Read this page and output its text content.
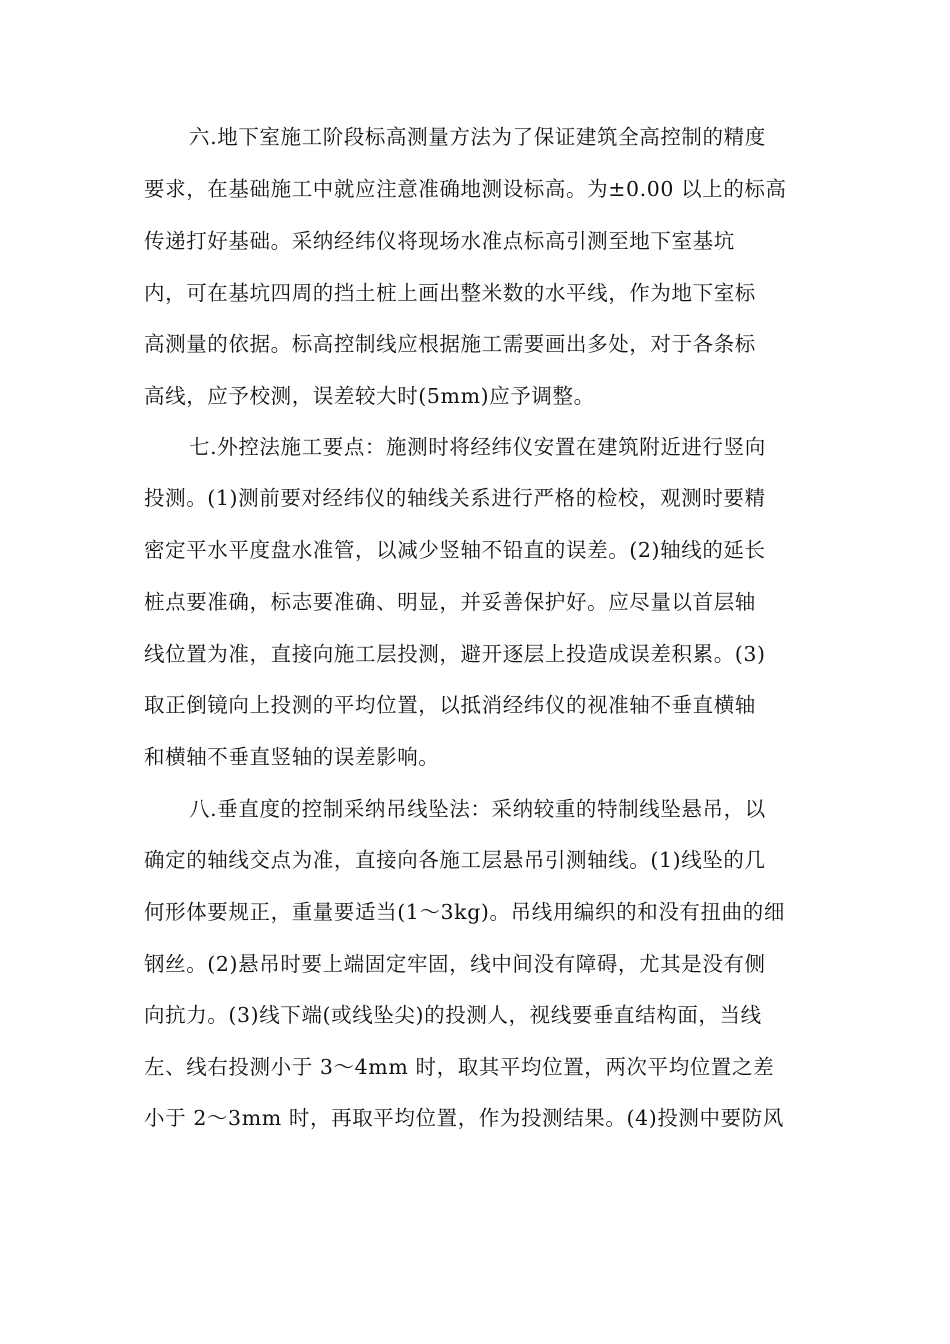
六.地下室施工阶段标高测量方法为了保证建筑全高控制的精度
要求，在基础施工中就应注意准确地测设标高。为±0.00 以上的标高
传递打好基础。采纳经纬仪将现场水准点标高引测至地下室基坑
内，可在基坑四周的挡土桩上画出整米数的水平线，作为地下室标
高测量的依据。标高控制线应根据施工需要画出多处，对于各条标
高线，应予校测，误差较大时(5mm)应予调整。
七.外控法施工要点：施测时将经纬仪安置在建筑附近进行竖向
投测。(1)测前要对经纬仪的轴线关系进行严格的检校，观测时要精
密定平水平度盘水准管，以减少竖轴不铅直的误差。(2)轴线的延长
桩点要准确，标志要准确、明显，并妥善保护好。应尽量以首层轴
线位置为准，直接向施工层投测，避开逐层上投造成误差积累。(3)
取正倒镜向上投测的平均位置，以抵消经纬仪的视准轴不垂直横轴
和横轴不垂直竖轴的误差影响。
八.垂直度的控制采纳吊线坠法：采纳较重的特制线坠悬吊，以
确定的轴线交点为准，直接向各施工层悬吊引测轴线。(1)线坠的几
何形体要规正，重量要适当(1～3kg)。吊线用编织的和没有扭曲的细
钢丝。(2)悬吊时要上端固定牢固，线中间没有障碍，尤其是没有侧
向抗力。(3)线下端(或线坠尖)的投测人，视线要垂直结构面，当线
左、线右投测小于 3～4mm 时，取其平均位置，两次平均位置之差
小于 2～3mm 时，再取平均位置，作为投测结果。(4)投测中要防风
